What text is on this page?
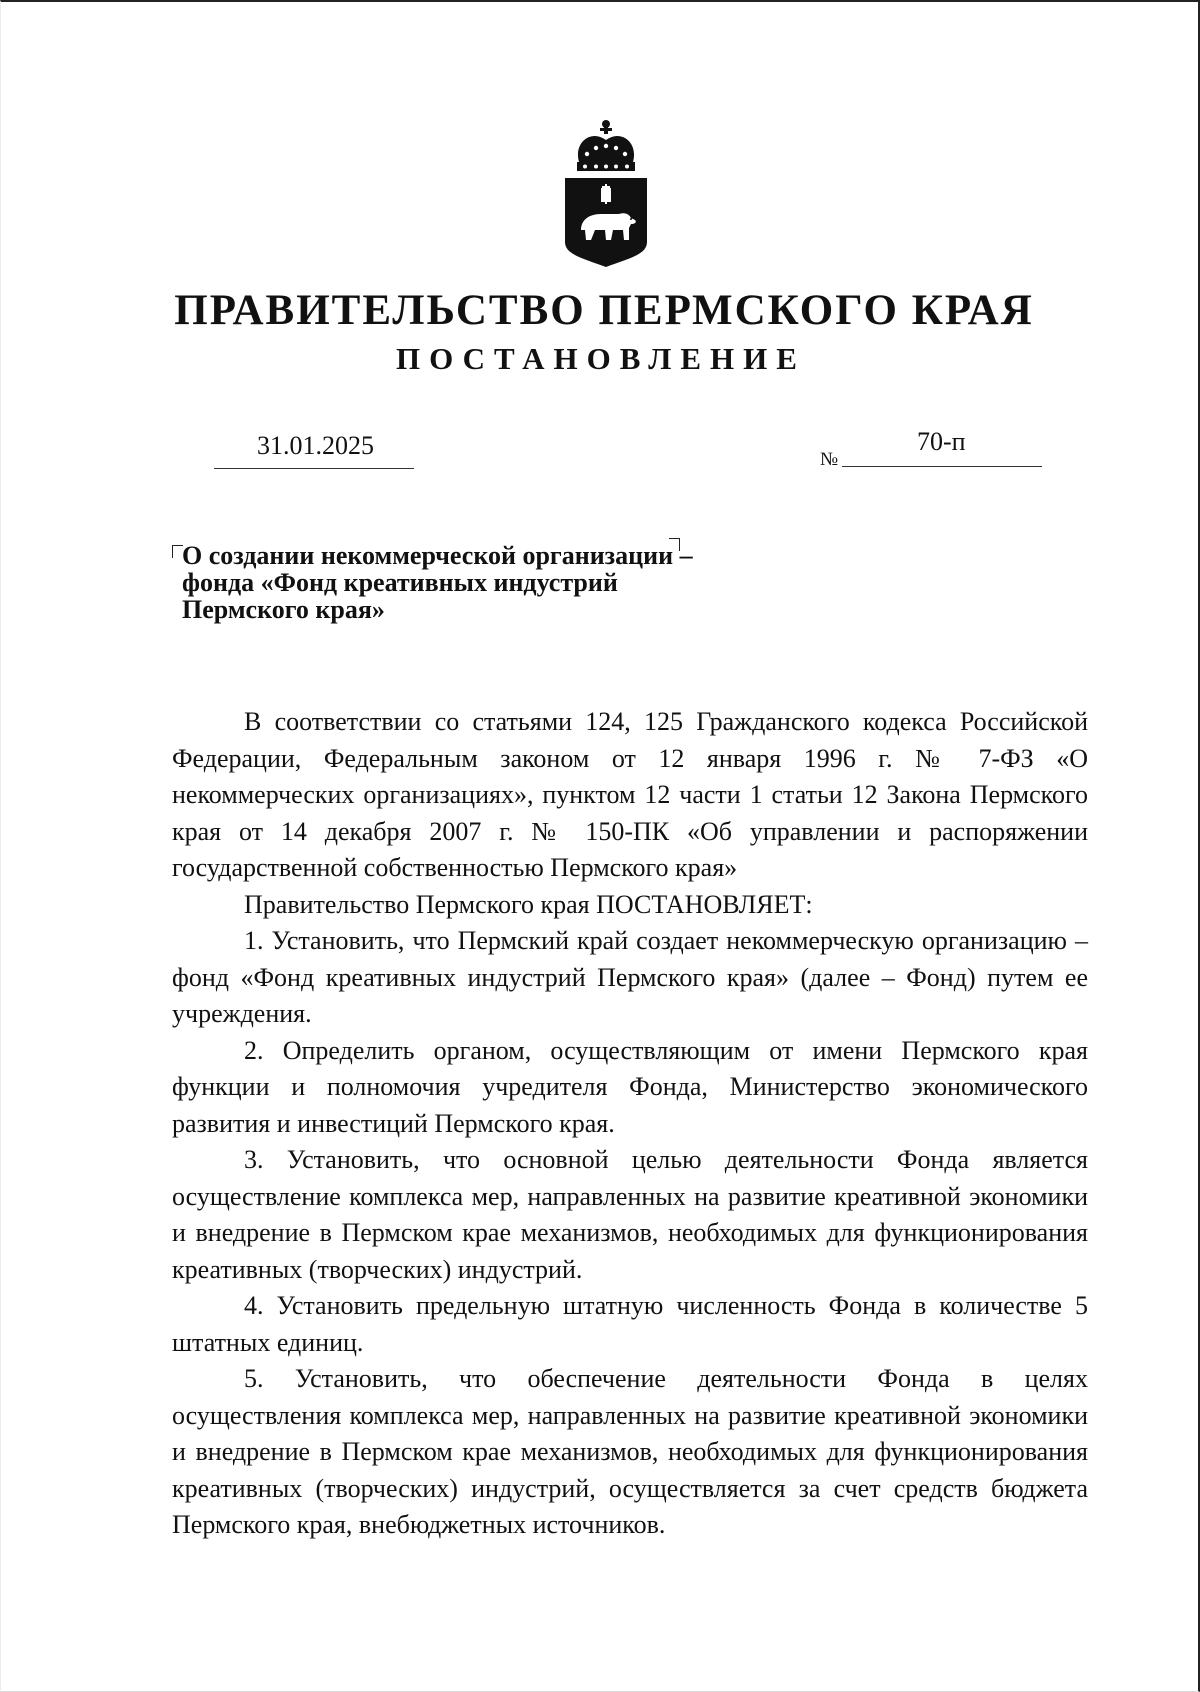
ПРАВИТЕЛЬСТВО ПЕРМСКОГО КРАЯ
ПОСТАНОВЛЕНИЕ
31.01.2025	№
70-п
О создании некоммерческой организации –
фонда «Фонд креативных индустрий
Пермского края»

В соответствии со статьями 124, 125 Гражданского кодекса Российской Федерации, Федеральным законом от 12 января 1996 г. № 7-ФЗ «О некоммерческих организациях», пунктом 12 части 1 статьи 12 Закона Пермского края от 14 декабря 2007 г. № 150-ПК «Об управлении и распоряжении государственной собственностью Пермского края»

Правительство Пермского края ПОСТАНОВЛЯЕТ:

1. Установить, что Пермский край создает некоммерческую организацию – фонд «Фонд креативных индустрий Пермского края» (далее – Фонд) путем ее учреждения.

2. Определить органом, осуществляющим от имени Пермского края функции и полномочия учредителя Фонда, Министерство экономического развития и инвестиций Пермского края.

3. Установить, что основной целью деятельности Фонда является осуществление комплекса мер, направленных на развитие креативной экономики и внедрение в Пермском крае механизмов, необходимых для функционирования креативных (творческих) индустрий.

4. Установить предельную штатную численность Фонда в количестве 5 штатных единиц.

5. Установить, что обеспечение деятельности Фонда в целях осуществления комплекса мер, направленных на развитие креативной экономики и внедрение в Пермском крае механизмов, необходимых для функционирования креативных (творческих) индустрий, осуществляется за счет средств бюджета Пермского края, внебюджетных источников.
